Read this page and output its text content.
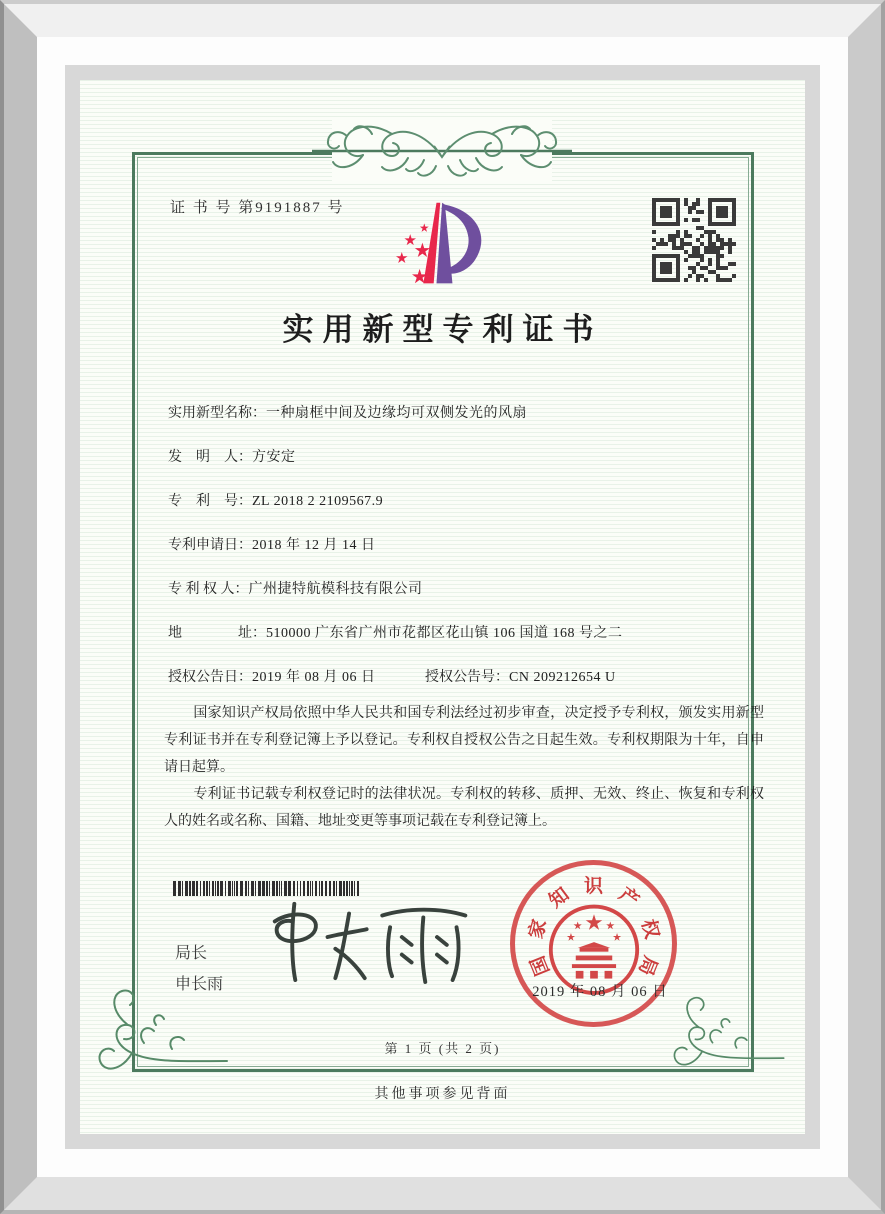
证 书 号 第9191887 号
实用新型专利证书
实用新型名称：一种扇框中间及边缘均可双侧发光的风扇
发　明　人：方安定
专　利　号：ZL 2018 2 2109567.9
专利申请日：2018 年 12 月 14 日
专 利 权 人：广州捷特航模科技有限公司
地　　　　址：510000 广东省广州市花都区花山镇 106 国道 168 号之二
授权公告日：2019 年 08 月 06 日	授权公告号：CN 209212654 U

国家知识产权局依照中华人民共和国专利法经过初步审查，决定授予专利权，颁发实用新型专利证书并在专利登记簿上予以登记。专利权自授权公告之日起生效。专利权期限为十年，自申请日起算。

专利证书记载专利权登记时的法律状况。专利权的转移、质押、无效、终止、恢复和专利权人的姓名或名称、国籍、地址变更等事项记载在专利登记簿上。

局长
申长雨
国
家
知 识 产
权
局
2019 年 08 月 06 日
第 1 页 (共 2 页)
其他事项参见背面
